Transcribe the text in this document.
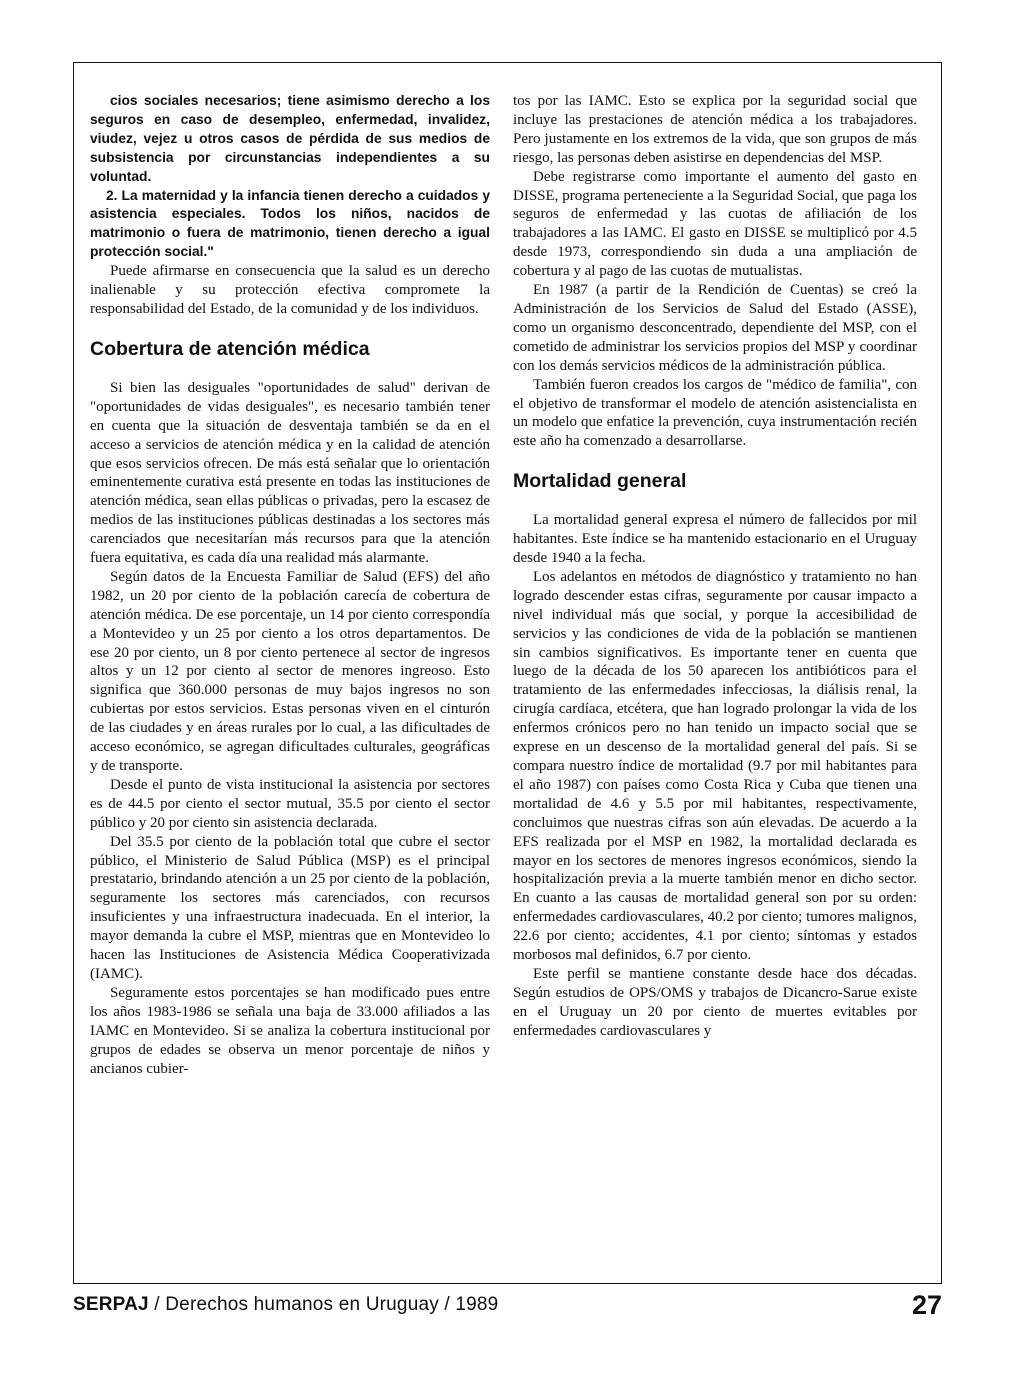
cios sociales necesarios; tiene asimismo derecho a los seguros en caso de desempleo, enfermedad, invalidez, viudez, vejez u otros casos de pérdida de sus medios de subsistencia por circunstancias independientes a su voluntad.

2. La maternidad y la infancia tienen derecho a cuidados y asistencia especiales. Todos los niños, nacidos de matrimonio o fuera de matrimonio, tienen derecho a igual protección social."

Puede afirmarse en consecuencia que la salud es un derecho inalienable y su protección efectiva compromete la responsabilidad del Estado, de la comunidad y de los individuos.

Cobertura de atención médica

Si bien las desiguales "oportunidades de salud" derivan de "oportunidades de vidas desiguales", es necesario también tener en cuenta que la situación de desventaja también se da en el acceso a servicios de atención médica y en la calidad de atención que esos servicios ofrecen. De más está señalar que lo orientación eminentemente curativa está presente en todas las instituciones de atención médica, sean ellas públicas o privadas, pero la escasez de medios de las instituciones públicas destinadas a los sectores más carenciados que necesitarían más recursos para que la atención fuera equitativa, es cada día una realidad más alarmante.

Según datos de la Encuesta Familiar de Salud (EFS) del año 1982, un 20 por ciento de la población carecía de cobertura de atención médica. De ese porcentaje, un 14 por ciento correspondía a Montevideo y un 25 por ciento a los otros departamentos. De ese 20 por ciento, un 8 por ciento pertenece al sector de ingresos altos y un 12 por ciento al sector de menores ingreoso. Esto significa que 360.000 personas de muy bajos ingresos no son cubiertas por estos servicios. Estas personas viven en el cinturón de las ciudades y en áreas rurales por lo cual, a las dificultades de acceso económico, se agregan dificultades culturales, geográficas y de transporte.

Desde el punto de vista institucional la asistencia por sectores es de 44.5 por ciento el sector mutual, 35.5 por ciento el sector público y 20 por ciento sin asistencia declarada.

Del 35.5 por ciento de la población total que cubre el sector público, el Ministerio de Salud Pública (MSP) es el principal prestatario, brindando atención a un 25 por ciento de la población, seguramente los sectores más carenciados, con recursos insuficientes y una infraestructura inadecuada. En el interior, la mayor demanda la cubre el MSP, mientras que en Montevideo lo hacen las Instituciones de Asistencia Médica Cooperativizada (IAMC).

Seguramente estos porcentajes se han modificado pues entre los años 1983-1986 se señala una baja de 33.000 afiliados a las IAMC en Montevideo. Si se analiza la cobertura institucional por grupos de edades se observa un menor porcentaje de niños y ancianos cubier-

tos por las IAMC. Esto se explica por la seguridad social que incluye las prestaciones de atención médica a los trabajadores. Pero justamente en los extremos de la vida, que son grupos de más riesgo, las personas deben asistirse en dependencias del MSP.

Debe registrarse como importante el aumento del gasto en DISSE, programa perteneciente a la Seguridad Social, que paga los seguros de enfermedad y las cuotas de afiliación de los trabajadores a las IAMC. El gasto en DISSE se multiplicó por 4.5 desde 1973, correspondiendo sin duda a una ampliación de cobertura y al pago de las cuotas de mutualistas.

En 1987 (a partir de la Rendición de Cuentas) se creó la Administración de los Servicios de Salud del Estado (ASSE), como un organismo desconcentrado, dependiente del MSP, con el cometido de administrar los servicios propios del MSP y coordinar con los demás servicios médicos de la administración pública.

También fueron creados los cargos de "médico de familia", con el objetivo de transformar el modelo de atención asistencialista en un modelo que enfatice la prevención, cuya instrumentación recién este año ha comenzado a desarrollarse.

Mortalidad general

La mortalidad general expresa el número de fallecidos por mil habitantes. Este índice se ha mantenido estacionario en el Uruguay desde 1940 a la fecha.

Los adelantos en métodos de diagnóstico y tratamiento no han logrado descender estas cifras, seguramente por causar impacto a nivel individual más que social, y porque la accesibilidad de servicios y las condiciones de vida de la población se mantienen sin cambios significativos. Es importante tener en cuenta que luego de la década de los 50 aparecen los antibióticos para el tratamiento de las enfermedades infecciosas, la diálisis renal, la cirugía cardíaca, etcétera, que han logrado prolongar la vida de los enfermos crónicos pero no han tenido un impacto social que se exprese en un descenso de la mortalidad general del país. Si se compara nuestro índice de mortalidad (9.7 por mil habitantes para el año 1987) con países como Costa Rica y Cuba que tienen una mortalidad de 4.6 y 5.5 por mil habitantes, respectivamente, concluimos que nuestras cifras son aún elevadas. De acuerdo a la EFS realizada por el MSP en 1982, la mortalidad declarada es mayor en los sectores de menores ingresos económicos, siendo la hospitalización previa a la muerte también menor en dicho sector. En cuanto a las causas de mortalidad general son por su orden: enfermedades cardiovasculares, 40.2 por ciento; tumores malignos, 22.6 por ciento; accidentes, 4.1 por ciento; síntomas y estados morbosos mal definidos, 6.7 por ciento.

Este perfil se mantiene constante desde hace dos décadas. Según estudios de OPS/OMS y trabajos de Dicancro-Sarue existe en el Uruguay un 20 por ciento de muertes evitables por enfermedades cardiovasculares y

SERPAJ / Derechos humanos en Uruguay / 1989	27
